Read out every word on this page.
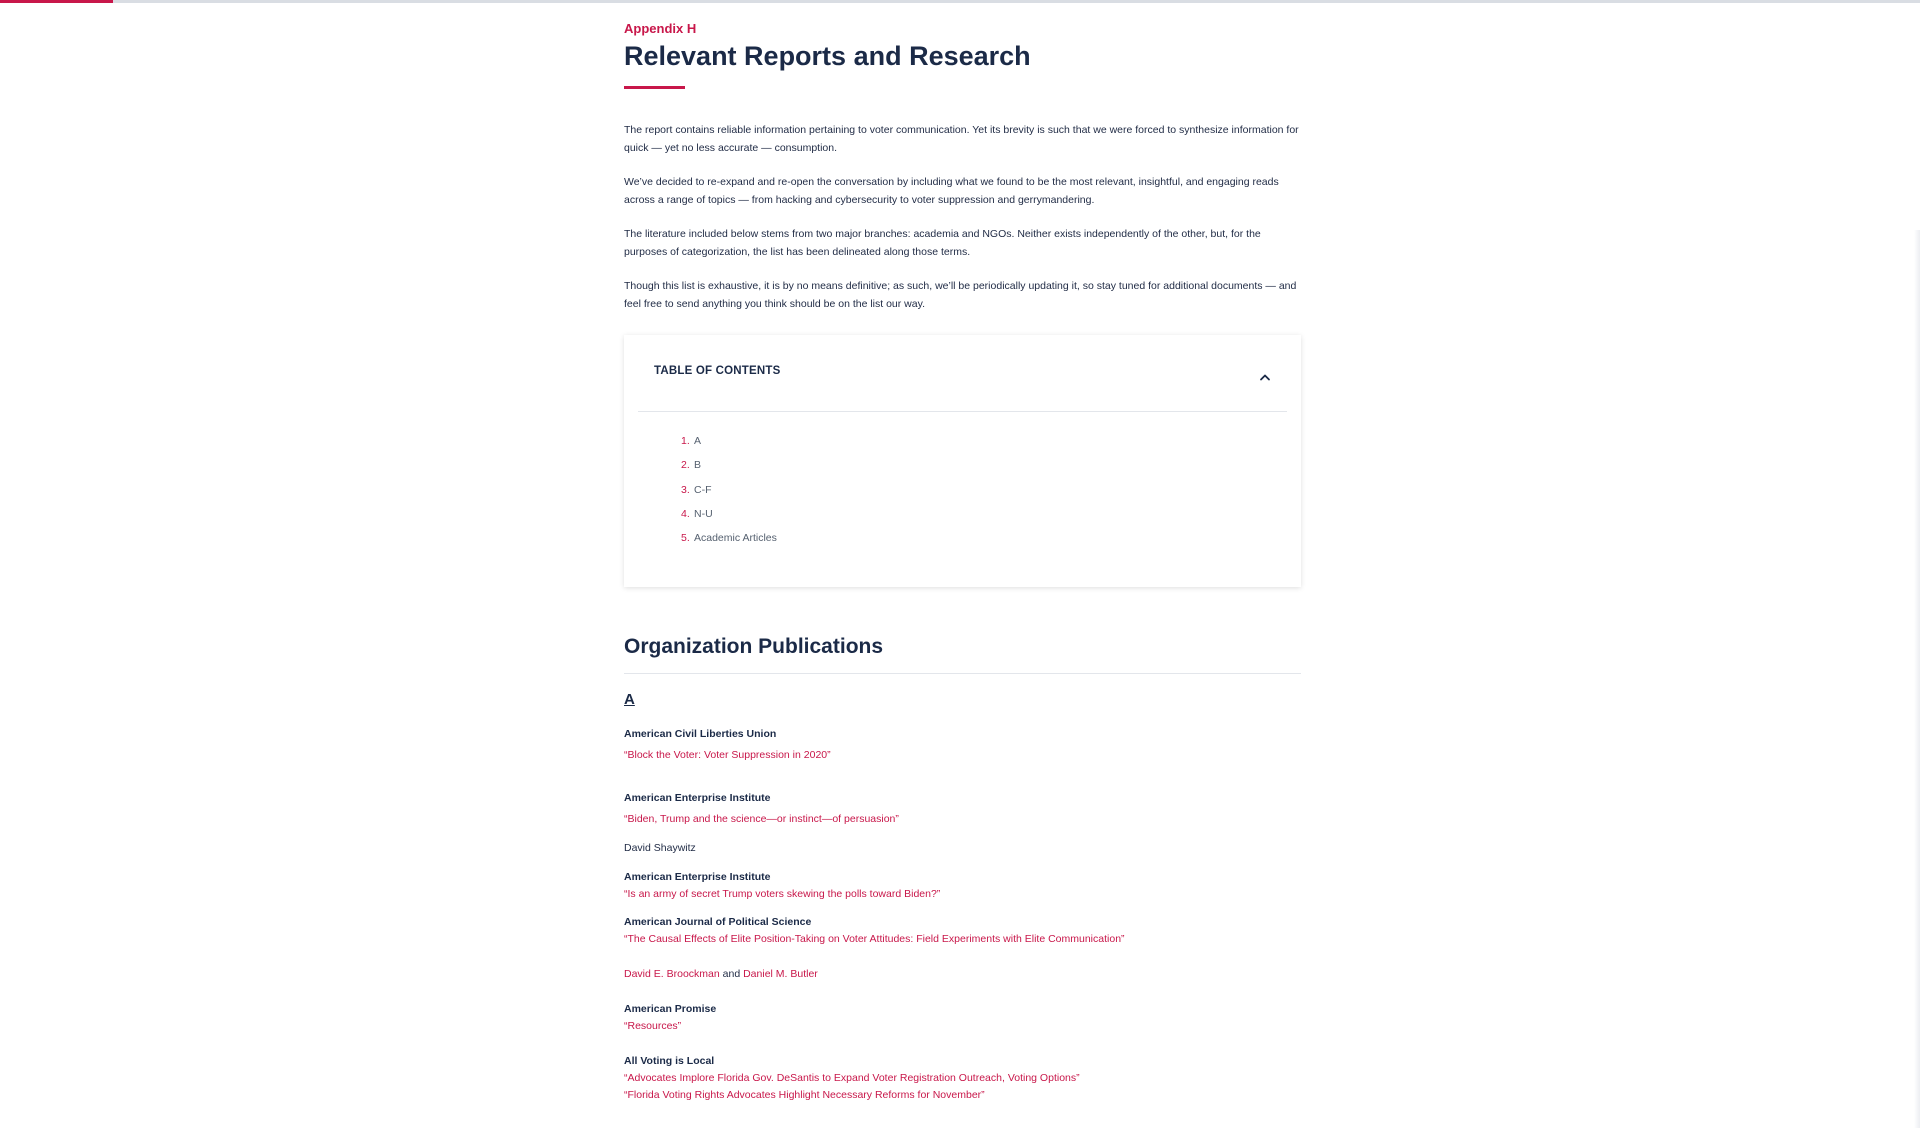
Appendix H
Relevant Reports and Research

The report contains reliable information pertaining to voter communication. Yet its brevity is such that we were forced to synthesize information for quick — yet no less accurate — consumption.

We’ve decided to re-expand and re-open the conversation by including what we found to be the most relevant, insightful, and engaging reads across a range of topics — from hacking and cybersecurity to voter suppression and gerrymandering.

The literature included below stems from two major branches: academia and NGOs. Neither exists independently of the other, but, for the purposes of categorization, the list has been delineated along those terms.

Though this list is exhaustive, it is by no means definitive; as such, we’ll be periodically updating it, so stay tuned for additional documents — and feel free to send anything you think should be on the list our way.

TABLE OF CONTENTS
1. A
2. B
3. C-F
4. N-U
5. Academic Articles
Organization Publications
A
American Civil Liberties Union
“Block the Voter: Voter Suppression in 2020”
American Enterprise Institute
“Biden, Trump and the science—or instinct—of persuasion”
David Shaywitz
American Enterprise Institute
“Is an army of secret Trump voters skewing the polls toward Biden?”
American Journal of Political Science
“The Causal Effects of Elite Position-Taking on Voter Attitudes: Field Experiments with Elite Communication”
David E. Broockman and Daniel M. Butler
American Promise
“Resources”
All Voting is Local
“Advocates Implore Florida Gov. DeSantis to Expand Voter Registration Outreach, Voting Options”
“Florida Voting Rights Advocates Highlight Necessary Reforms for November”
